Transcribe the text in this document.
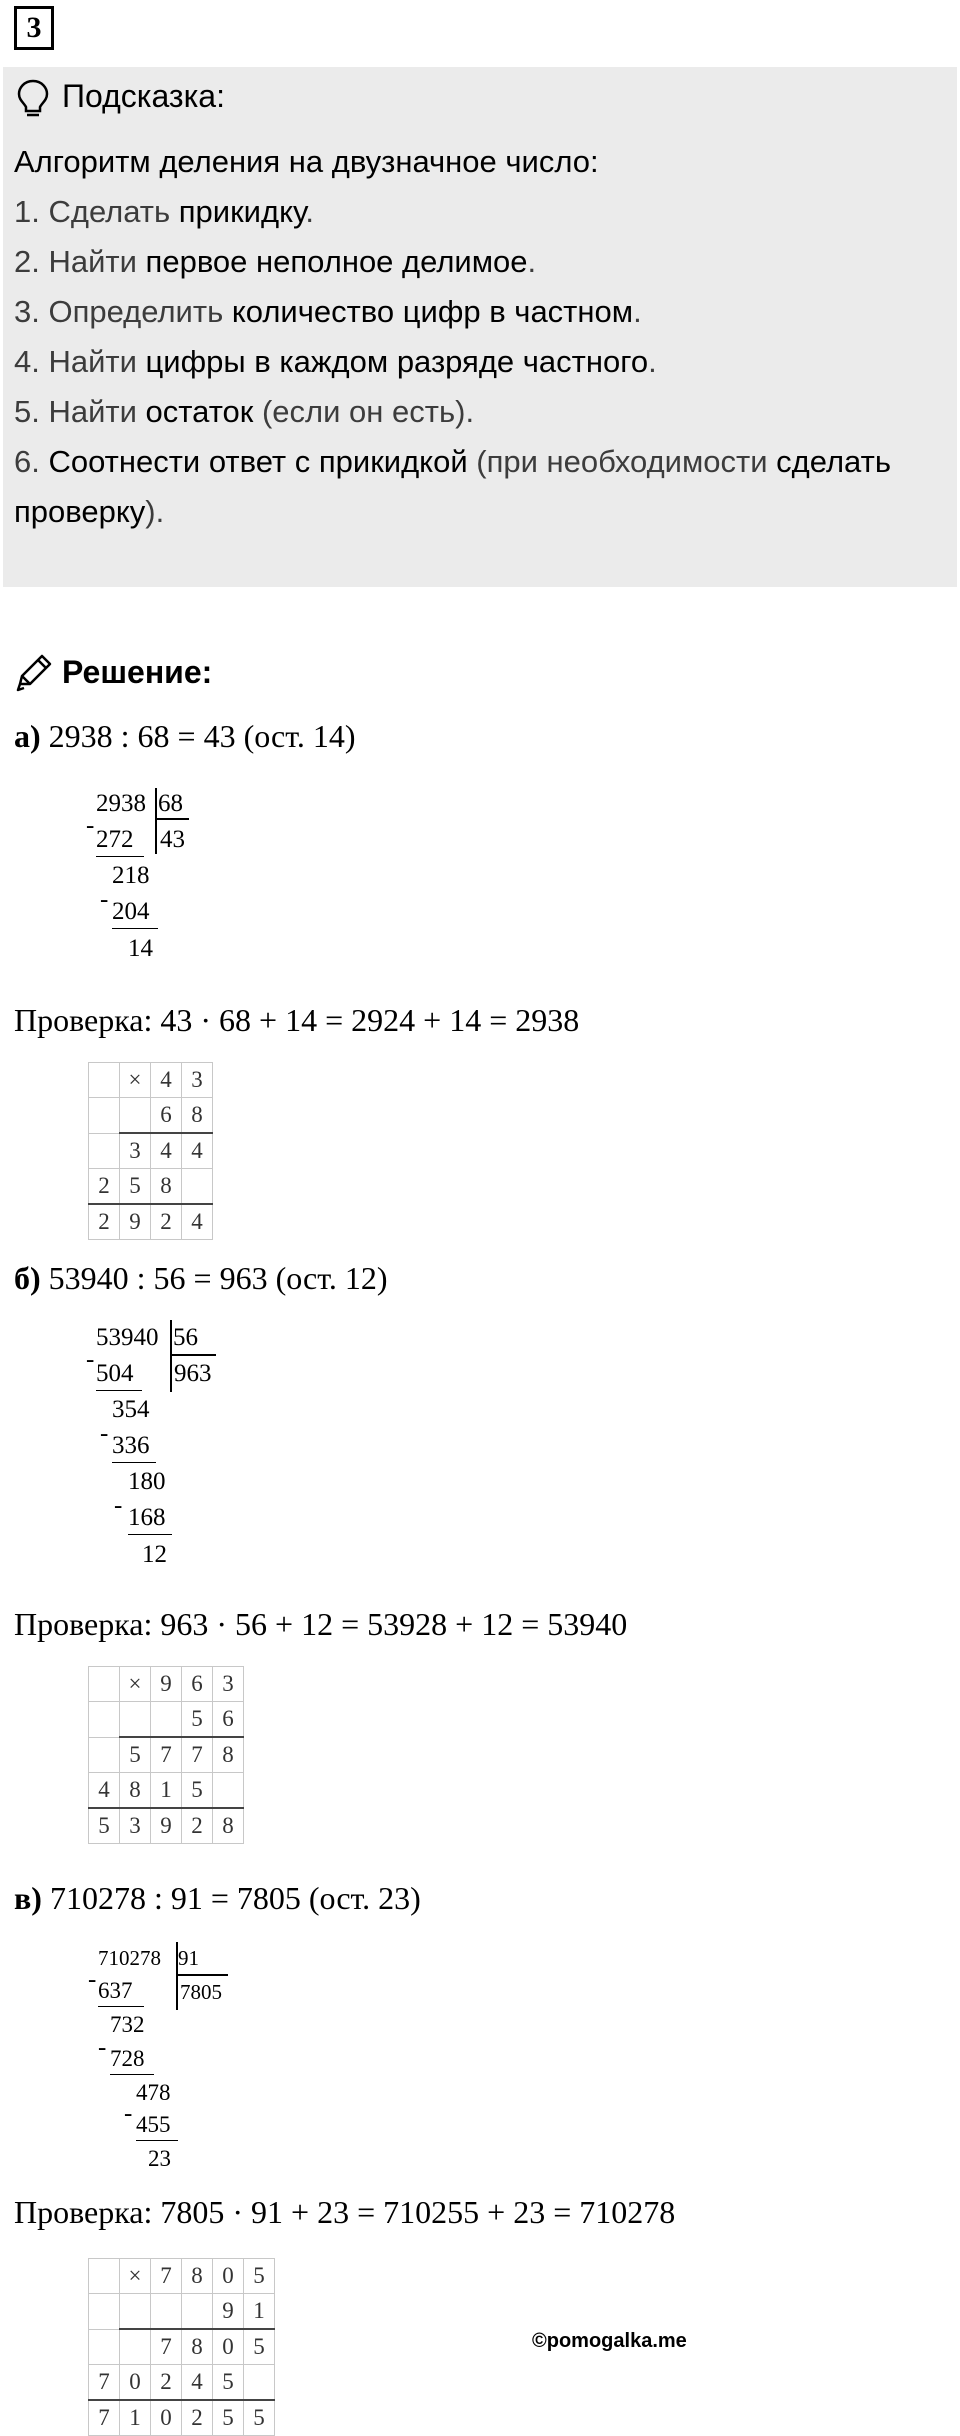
3
Подсказка:
Алгоритм деления на двузначное число:
1. Сделать прикидку.
2. Найти первое неполное делимое.
3. Определить количество цифр в частном.
4. Найти цифры в каждом разряде частного.
5. Найти остаток (если он есть).
6. Соотнести ответ с прикидкой (при необходимости сделать
проверку).
Решение:
а) 2938 : 68 = 43 (ост. 14)
2938 68
43
-
272
218
- 204
14
Проверка: 43 · 68 + 14 = 2924 + 14 = 2938
	×	4	3
		6	8
	3	4	4
2	5	8	
2	9	2	4
б) 53940 : 56 = 963 (ост. 12)
53940 56
963
-
504
354
- 336
180
- 168
12
Проверка: 963 · 56 + 12 = 53928 + 12 = 53940
	×	9	6	3
			5	6
	5	7	7	8
4	8	1	5	
5	3	9	2	8
в) 710278 : 91 = 7805 (ост. 23)
710278 91
7805
- 637
732
- 728
478
- 455
23
Проверка: 7805 · 91 + 23 = 710255 + 23 = 710278
	×	7	8	0	5
				9	1
		7	8	0	5
7	0	2	4	5	
7	1	0	2	5	5
©pomogalka.me
